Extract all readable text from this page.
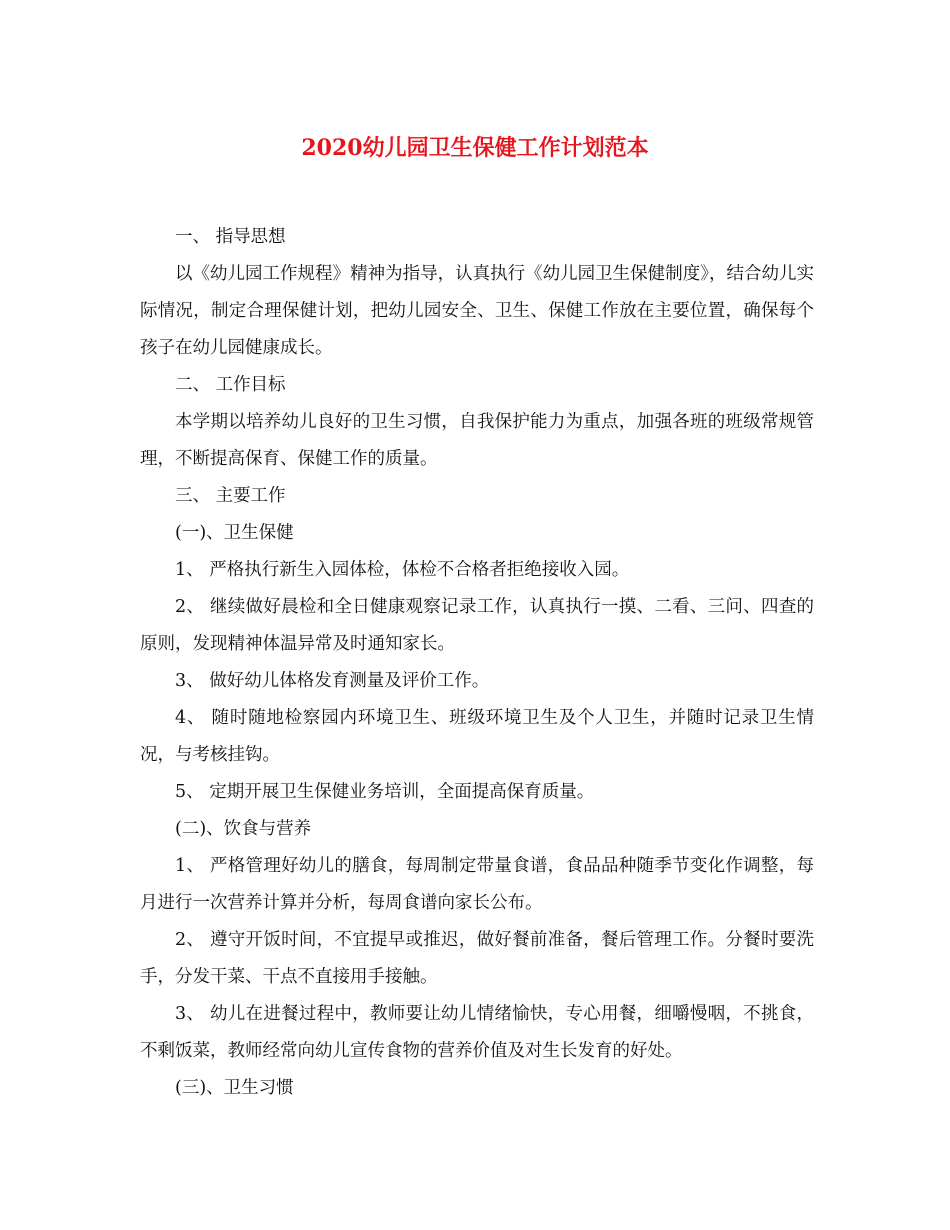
2020幼儿园卫生保健工作计划范本

一、 指导思想

以《幼儿园工作规程》精神为指导，认真执行《幼儿园卫生保健制度》，结合幼儿实际情况，制定合理保健计划，把幼儿园安全、卫生、保健工作放在主要位置，确保每个孩子在幼儿园健康成长。

二、 工作目标

本学期以培养幼儿良好的卫生习惯，自我保护能力为重点，加强各班的班级常规管理，不断提高保育、保健工作的质量。

三、 主要工作

(一)、卫生保健

1、 严格执行新生入园体检，体检不合格者拒绝接收入园。

2、 继续做好晨检和全日健康观察记录工作，认真执行一摸、二看、三问、四查的原则，发现精神体温异常及时通知家长。

3、 做好幼儿体格发育测量及评价工作。

4、 随时随地检察园内环境卫生、班级环境卫生及个人卫生，并随时记录卫生情况，与考核挂钩。

5、 定期开展卫生保健业务培训，全面提高保育质量。

(二)、饮食与营养

1、 严格管理好幼儿的膳食，每周制定带量食谱，食品品种随季节变化作调整，每月进行一次营养计算并分析，每周食谱向家长公布。

2、 遵守开饭时间，不宜提早或推迟，做好餐前准备，餐后管理工作。分餐时要洗手，分发干菜、干点不直接用手接触。

3、 幼儿在进餐过程中，教师要让幼儿情绪愉快，专心用餐，细嚼慢咽，不挑食，不剩饭菜，教师经常向幼儿宣传食物的营养价值及对生长发育的好处。

(三)、卫生习惯
